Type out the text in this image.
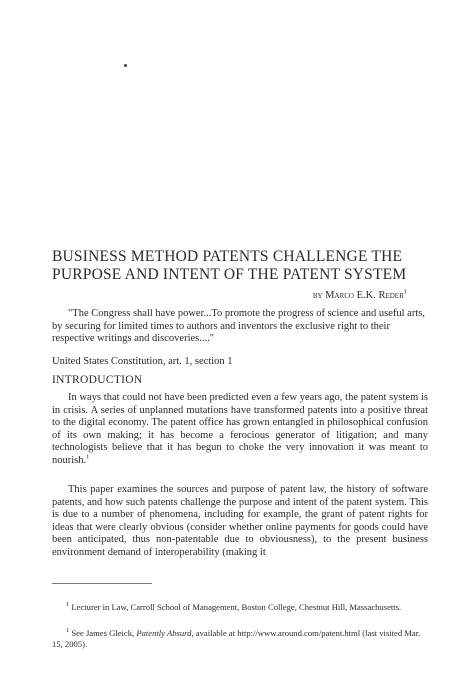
BUSINESS METHOD PATENTS CHALLENGE THE PURPOSE AND INTENT OF THE PATENT SYSTEM

by Marco E.K. Reder$^1$

"The Congress shall have power...To promote the progress of science and useful arts, by securing for limited times to authors and inventors the exclusive right to their respective writings and discoveries...."

United States Constitution, art. 1, section 1

INTRODUCTION

In ways that could not have been predicted even a few years ago, the patent system is in crisis. A series of unplanned mutations have transformed patents into a positive threat to the digital economy. The patent office has grown entangled in philosophical confusion of its own making; it has become a ferocious generator of litigation; and many technologists believe that it has begun to choke the very innovation it was meant to nourish.$^1$

This paper examines the sources and purpose of patent law, the history of software patents, and how such patents challenge the purpose and intent of the patent system. This is due to a number of phenomena, including for example, the grant of patent rights for ideas that were clearly obvious (consider whether online payments for goods could have been anticipated, thus non-patentable due to obviousness), to the present business environment demand of interoperability (making it

$^1$ Lecturer in Law, Carroll School of Management, Boston College, Chestnut Hill, Massachusetts.

$^1$ See James Gleick, Patently Absurd, available at http://www.around.com/patent.html (last visited Mar. 15, 2005).
